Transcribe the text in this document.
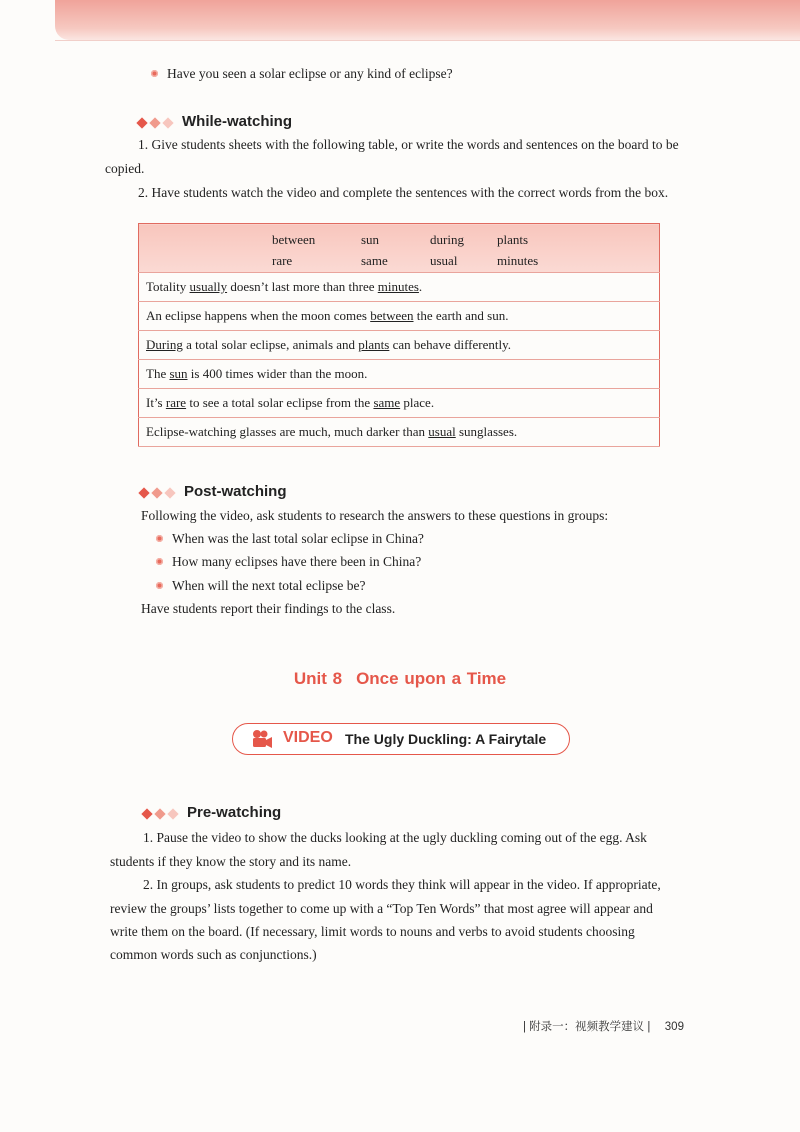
Have you seen a solar eclipse or any kind of eclipse?
While-watching
1. Give students sheets with the following table, or write the words and sentences on the board to be
copied.
2. Have students watch the video and complete the sentences with the correct words from the box.
between	sun	during	plants
rare	same	usual	minutes

Totality usually doesn’t last more than three minutes.
An eclipse happens when the moon comes between the earth and sun.
During a total solar eclipse, animals and plants can behave differently.
The sun is 400 times wider than the moon.
It’s rare to see a total solar eclipse from the same place.
Eclipse-watching glasses are much, much darker than usual sunglasses.
Post-watching
Following the video, ask students to research the answers to these questions in groups:
When was the last total solar eclipse in China?
How many eclipses have there been in China?
When will the next total eclipse be?
Have students report their findings to the class.
Unit 8 Once upon a Time
VIDEO The Ugly Duckling: A Fairytale
Pre-watching
1. Pause the video to show the ducks looking at the ugly duckling coming out of the egg. Ask
students if they know the story and its name.
2. In groups, ask students to predict 10 words they think will appear in the video. If appropriate,
review the groups’ lists together to come up with a “Top Ten Words” that most agree will appear and
write them on the board. (If necessary, limit words to nouns and verbs to avoid students choosing
common words such as conjunctions.)
| 附录一：视频教学建议 | 309
